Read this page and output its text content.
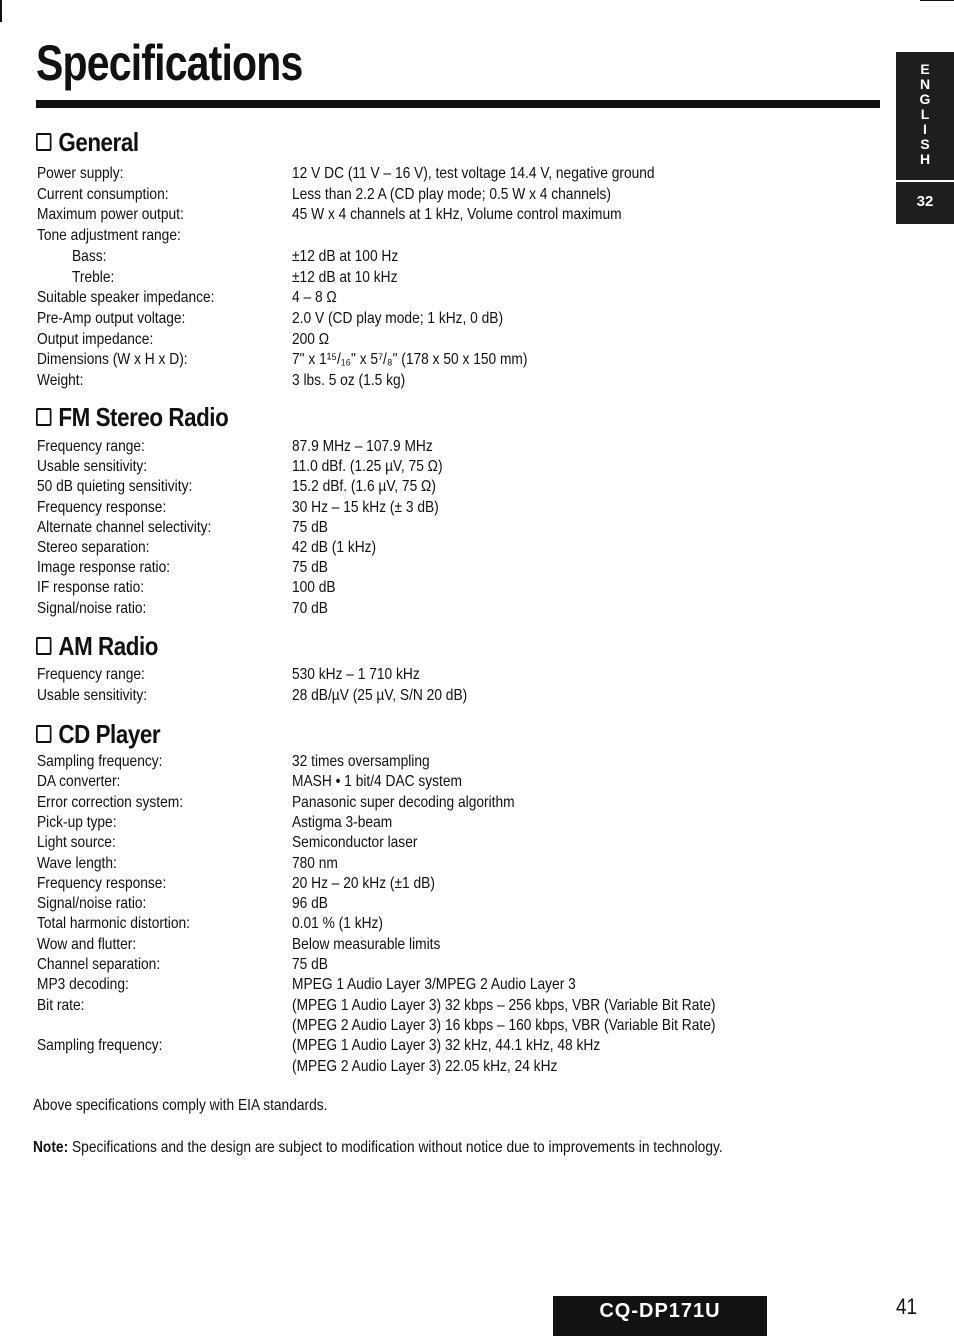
Specifications	E
N
G
L
I
S
H
32
General
Power supply:	12 V DC (11 V – 16 V), test voltage 14.4 V, negative ground
Current consumption:	Less than 2.2 A (CD play mode; 0.5 W x 4 channels)
Maximum power output:	45 W x 4 channels at 1 kHz, Volume control maximum
Tone adjustment range:
Bass:	±12 dB at 100 Hz
Treble:	±12 dB at 10 kHz
Suitable speaker impedance:	4 – 8 Ω
Pre-Amp output voltage:	2.0 V (CD play mode; 1 kHz, 0 dB)
Output impedance:	200 Ω
Dimensions (W x H x D):	7" x 1¹⁵/₁₆" x 5⁷/₈" (178 x 50 x 150 mm)
Weight:	3 lbs. 5 oz (1.5 kg)
FM Stereo Radio
Frequency range:	87.9 MHz – 107.9 MHz
Usable sensitivity:	11.0 dBf. (1.25 µV, 75 Ω)
50 dB quieting sensitivity:	15.2 dBf. (1.6 µV, 75 Ω)
Frequency response:	30 Hz – 15 kHz (± 3 dB)
Alternate channel selectivity:	75 dB
Stereo separation:	42 dB (1 kHz)
Image response ratio:	75 dB
IF response ratio:	100 dB
Signal/noise ratio:	70 dB
AM Radio
Frequency range:	530 kHz – 1 710 kHz
Usable sensitivity:	28 dB/µV (25 µV, S/N 20 dB)
CD Player
Sampling frequency:	32 times oversampling
DA converter:	MASH • 1 bit/4 DAC system
Error correction system:	Panasonic super decoding algorithm
Pick-up type:	Astigma 3-beam
Light source:	Semiconductor laser
Wave length:	780 nm
Frequency response:	20 Hz – 20 kHz (±1 dB)
Signal/noise ratio:	96 dB
Total harmonic distortion:	0.01 % (1 kHz)
Wow and flutter:	Below measurable limits
Channel separation:	75 dB
MP3 decoding:	MPEG 1 Audio Layer 3/MPEG 2 Audio Layer 3
Bit rate:	(MPEG 1 Audio Layer 3) 32 kbps – 256 kbps, VBR (Variable Bit Rate)
(MPEG 2 Audio Layer 3) 16 kbps – 160 kbps, VBR (Variable Bit Rate)
Sampling frequency:	(MPEG 1 Audio Layer 3) 32 kHz, 44.1 kHz, 48 kHz
(MPEG 2 Audio Layer 3) 22.05 kHz, 24 kHz
Above specifications comply with EIA standards.
Note: Specifications and the design are subject to modification without notice due to improvements in technology.
CQ-DP171U	41
